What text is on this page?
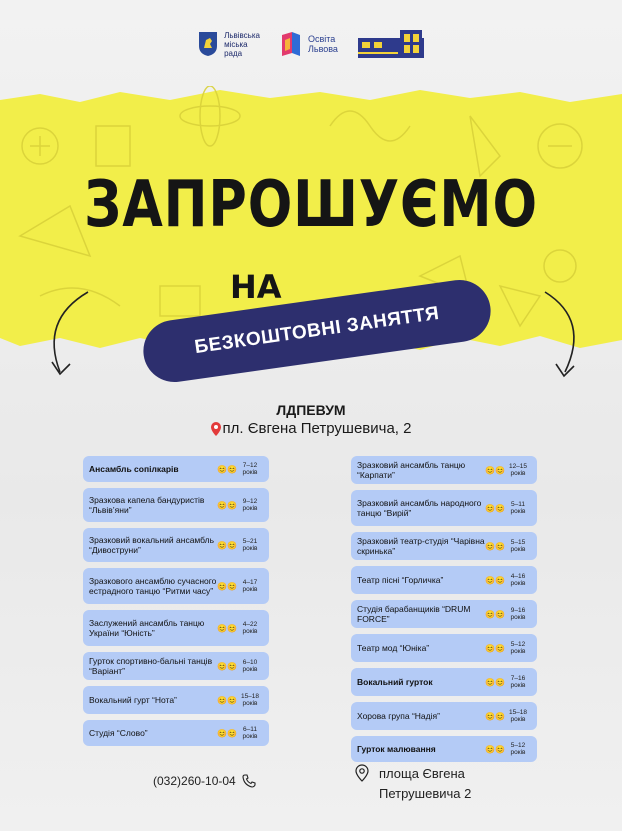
Львівська
міська
рада
Освіта
Львова
ЗАПРОШУЄМО
НА
БЕЗКОШТОВНІ ЗАНЯТТЯ
ЛДПЕВУМ
пл. Євгена Петрушевича, 2
Ансамбль сопілкарів	😊😊 7–12
років
Зразкова капела бандуристів “Львів’яни”	😊😊 9–12
років
Зразковий вокальний ансамбль “Дивоструни”	😊😊 5–21
років
Зразкового ансамблю сучасного естрадного танцю “Ритми часу” 😊😊 4–17
років
Заслужений ансамбль танцю України “Юність”	😊😊 4–22
років
Гурток спортивно-бальні танців “Варіант”	😊😊 6–10
років
Вокальний гурт “Нота”	😊😊 15–18
років
Студія “Слово”	😊😊 6–11
років
Зразковий ансамбль танцю “Карпати”	😊😊 12–15
років
Зразковий ансамбль народного танцю “Вирій”	😊😊 5–11
років
Зразковий театр-студія “Чарівна скринька”	😊😊 5–15
років
Театр пісні “Горличка”	😊😊 4–16
років
Студія барабанщиків “DRUM FORCE”	😊😊 9–16
років
Театр мод “Юніка”	😊😊 5–12
років
Вокальний гурток	😊😊 7–16
років
Хорова група “Надія”	😊😊 15–18
років
Гурток малювання	😊😊 5–12
років
(032)260-10-04	площа Євгена
Петрушевича 2
